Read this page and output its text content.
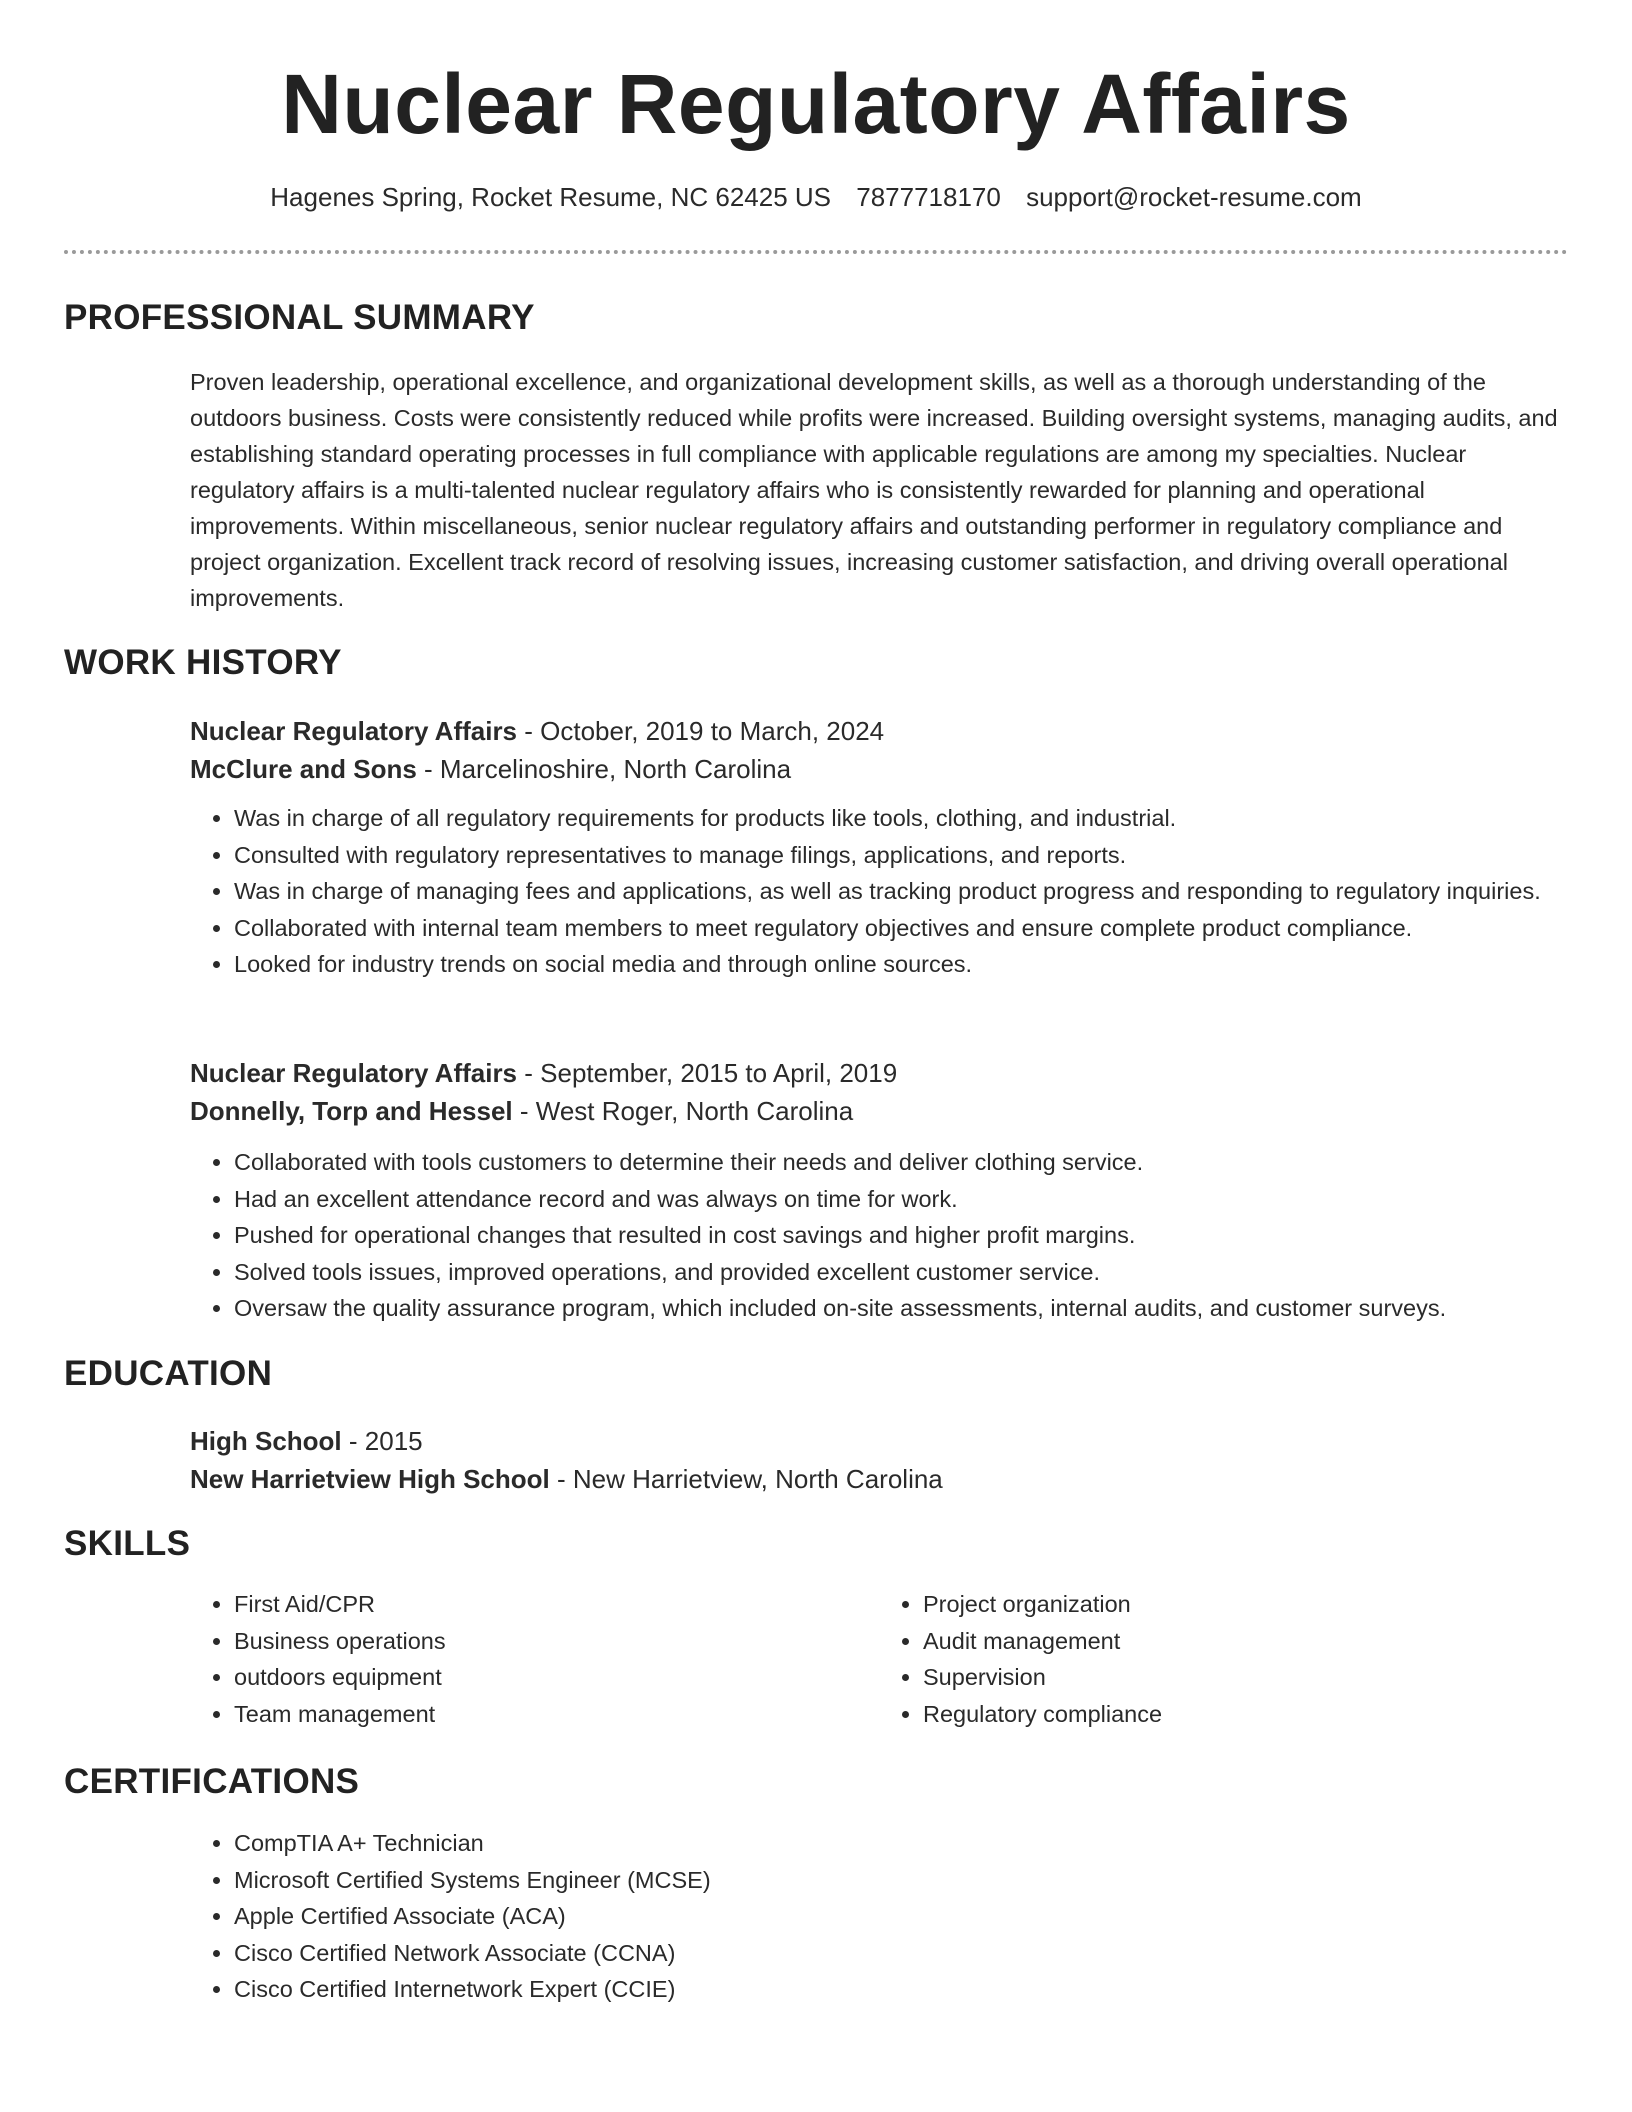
Nuclear Regulatory Affairs
Hagenes Spring, Rocket Resume, NC 62425 US 7877718170 support@rocket-resume.com
PROFESSIONAL SUMMARY

Proven leadership, operational excellence, and organizational development skills, as well as a thorough understanding of the outdoors business. Costs were consistently reduced while profits were increased. Building oversight systems, managing audits, and establishing standard operating processes in full compliance with applicable regulations are among my specialties. Nuclear regulatory affairs is a multi-talented nuclear regulatory affairs who is consistently rewarded for planning and operational improvements. Within miscellaneous, senior nuclear regulatory affairs and outstanding performer in regulatory compliance and project organization. Excellent track record of resolving issues, increasing customer satisfaction, and driving overall operational improvements.

WORK HISTORY
Nuclear Regulatory Affairs - October, 2019 to March, 2024
McClure and Sons - Marcelinoshire, North Carolina
• Was in charge of all regulatory requirements for products like tools, clothing, and industrial.
• Consulted with regulatory representatives to manage filings, applications, and reports.
• Was in charge of managing fees and applications, as well as tracking product progress and responding to regulatory inquiries.
• Collaborated with internal team members to meet regulatory objectives and ensure complete product compliance.
• Looked for industry trends on social media and through online sources.
Nuclear Regulatory Affairs - September, 2015 to April, 2019
Donnelly, Torp and Hessel - West Roger, North Carolina
• Collaborated with tools customers to determine their needs and deliver clothing service.
• Had an excellent attendance record and was always on time for work.
• Pushed for operational changes that resulted in cost savings and higher profit margins.
• Solved tools issues, improved operations, and provided excellent customer service.
• Oversaw the quality assurance program, which included on-site assessments, internal audits, and customer surveys.
EDUCATION
High School - 2015
New Harrietview High School - New Harrietview, North Carolina
SKILLS
• First Aid/CPR
• Business operations
• outdoors equipment
• Team management
• Project organization
• Audit management
• Supervision
• Regulatory compliance
CERTIFICATIONS
• CompTIA A+ Technician
• Microsoft Certified Systems Engineer (MCSE)
• Apple Certified Associate (ACA)
• Cisco Certified Network Associate (CCNA)
• Cisco Certified Internetwork Expert (CCIE)
